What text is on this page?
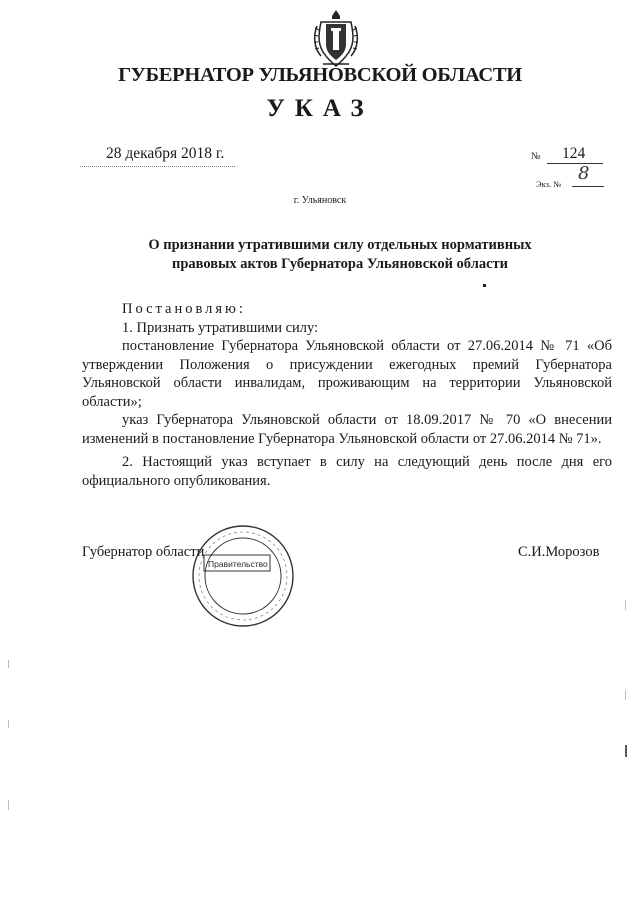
ГУБЕРНАТОР УЛЬЯНОВСКОЙ ОБЛАСТИ
УКАЗ
28 декабря 2018 г.	№ 124
Экз. № 8
г. Ульяновск
О признании утратившими силу отдельных нормативных
правовых актов Губернатора Ульяновской области

Постановляю:

1. Признать утратившими силу:

постановление Губернатора Ульяновской области от 27.06.2014 № 71 «Об утверждении Положения о присуждении ежегодных премий Губернатора Ульяновской области инвалидам, проживающим на территории Ульяновской области»;

указ Губернатора Ульяновской области от 18.09.2017 № 70 «О внесении изменений в постановление Губернатора Ульяновской области от 27.06.2014 № 71».

2. Настоящий указ вступает в силу на следующий день после дня его официального опубликования.

Губернатор области	С.И.Морозов
Правительство
